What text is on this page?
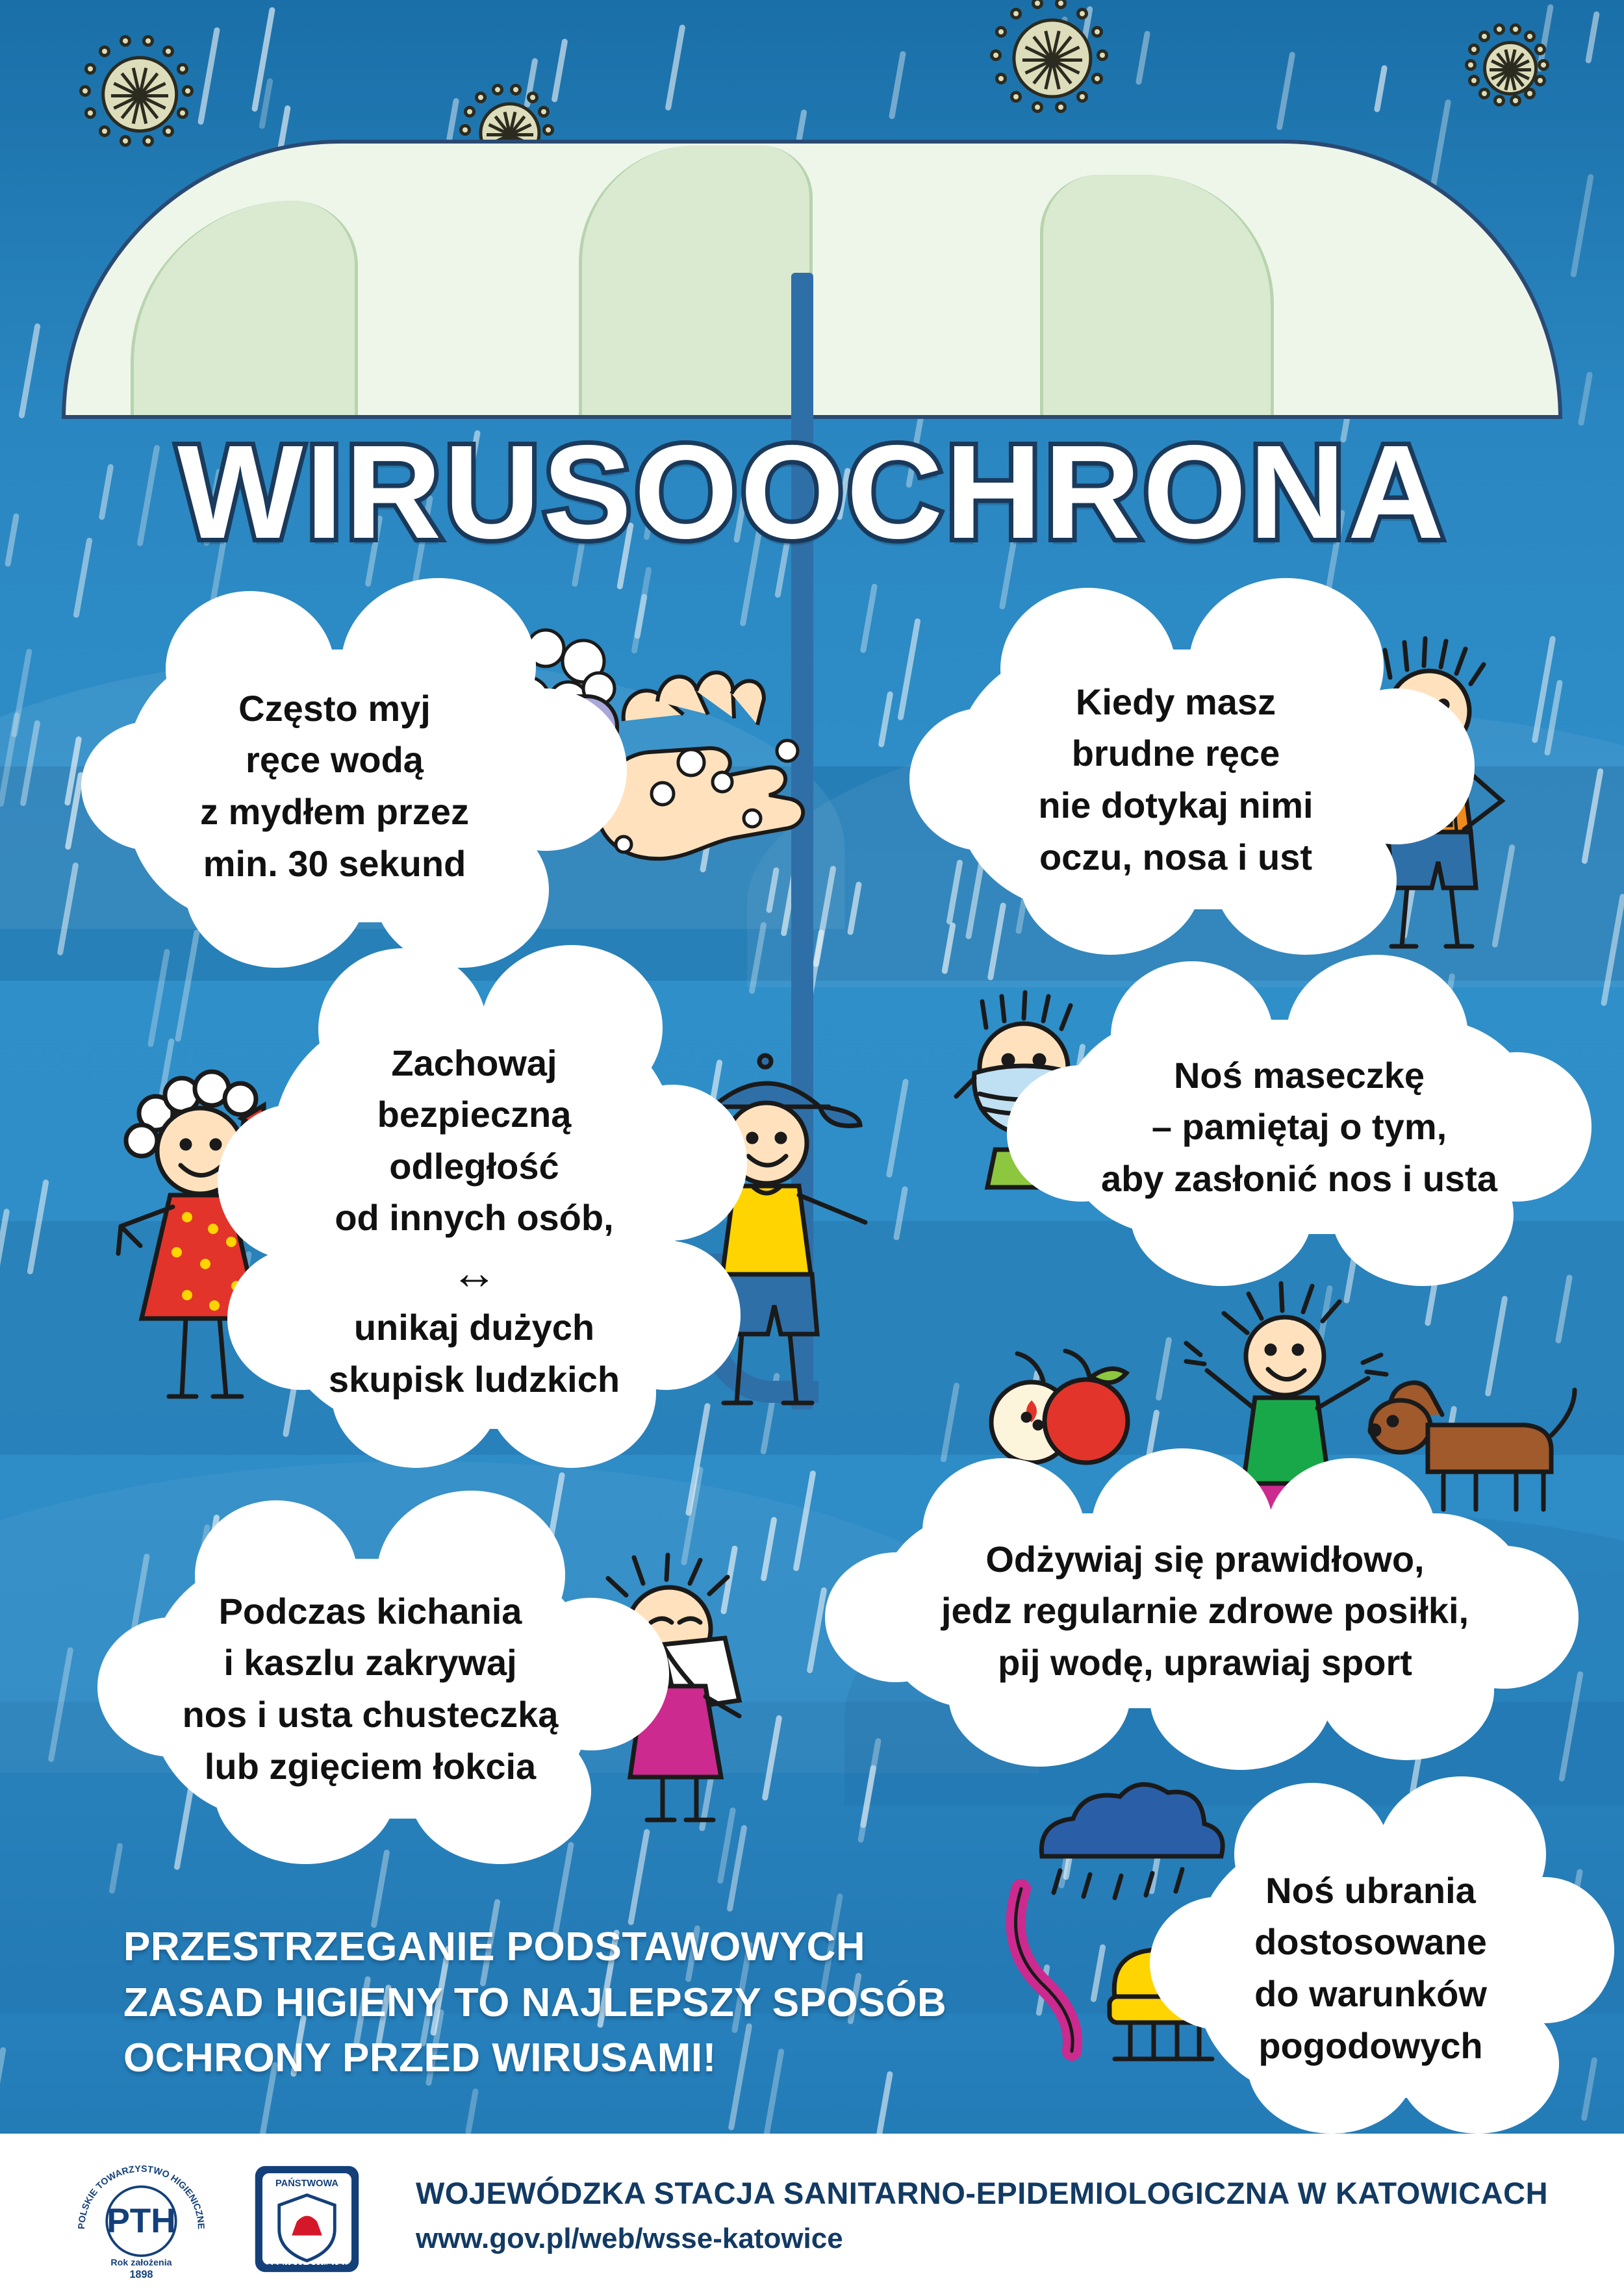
WIRUSOOCHRONA
Często myj
ręce wodą
z mydłem przez
min. 30 sekund
Kiedy masz
brudne ręce
nie dotykaj nimi
oczu, nosa i ust
Zachowaj
bezpieczną
odległość
od innych osób,
↔
unikaj dużych
skupisk ludzkich
Noś maseczkę
– pamiętaj o tym,
aby zasłonić nos i usta
Odżywiaj się prawidłowo,
jedz regularnie zdrowe posiłki,
pij wodę, uprawiaj sport
Podczas kichania
i kaszlu zakrywaj
nos i usta chusteczką
lub zgięciem łokcia
PRZESTRZEGANIE PODSTAWOWYCH
ZASAD HIGIENY TO NAJLEPSZY SPOSÓB
OCHRONY PRZED WIRUSAMI!
Noś ubrania
dostosowane
do warunków
pogodowych
POLSKIE TOWARZYSTWO HIGIENICZNE
PTH
Rok założenia
1898
PAŃSTWOWA
INSPEKCJA SANITARNA
WOJEWÓDZKA STACJA SANITARNO-EPIDEMIOLOGICZNA W KATOWICACH
www.gov.pl/web/wsse-katowice
